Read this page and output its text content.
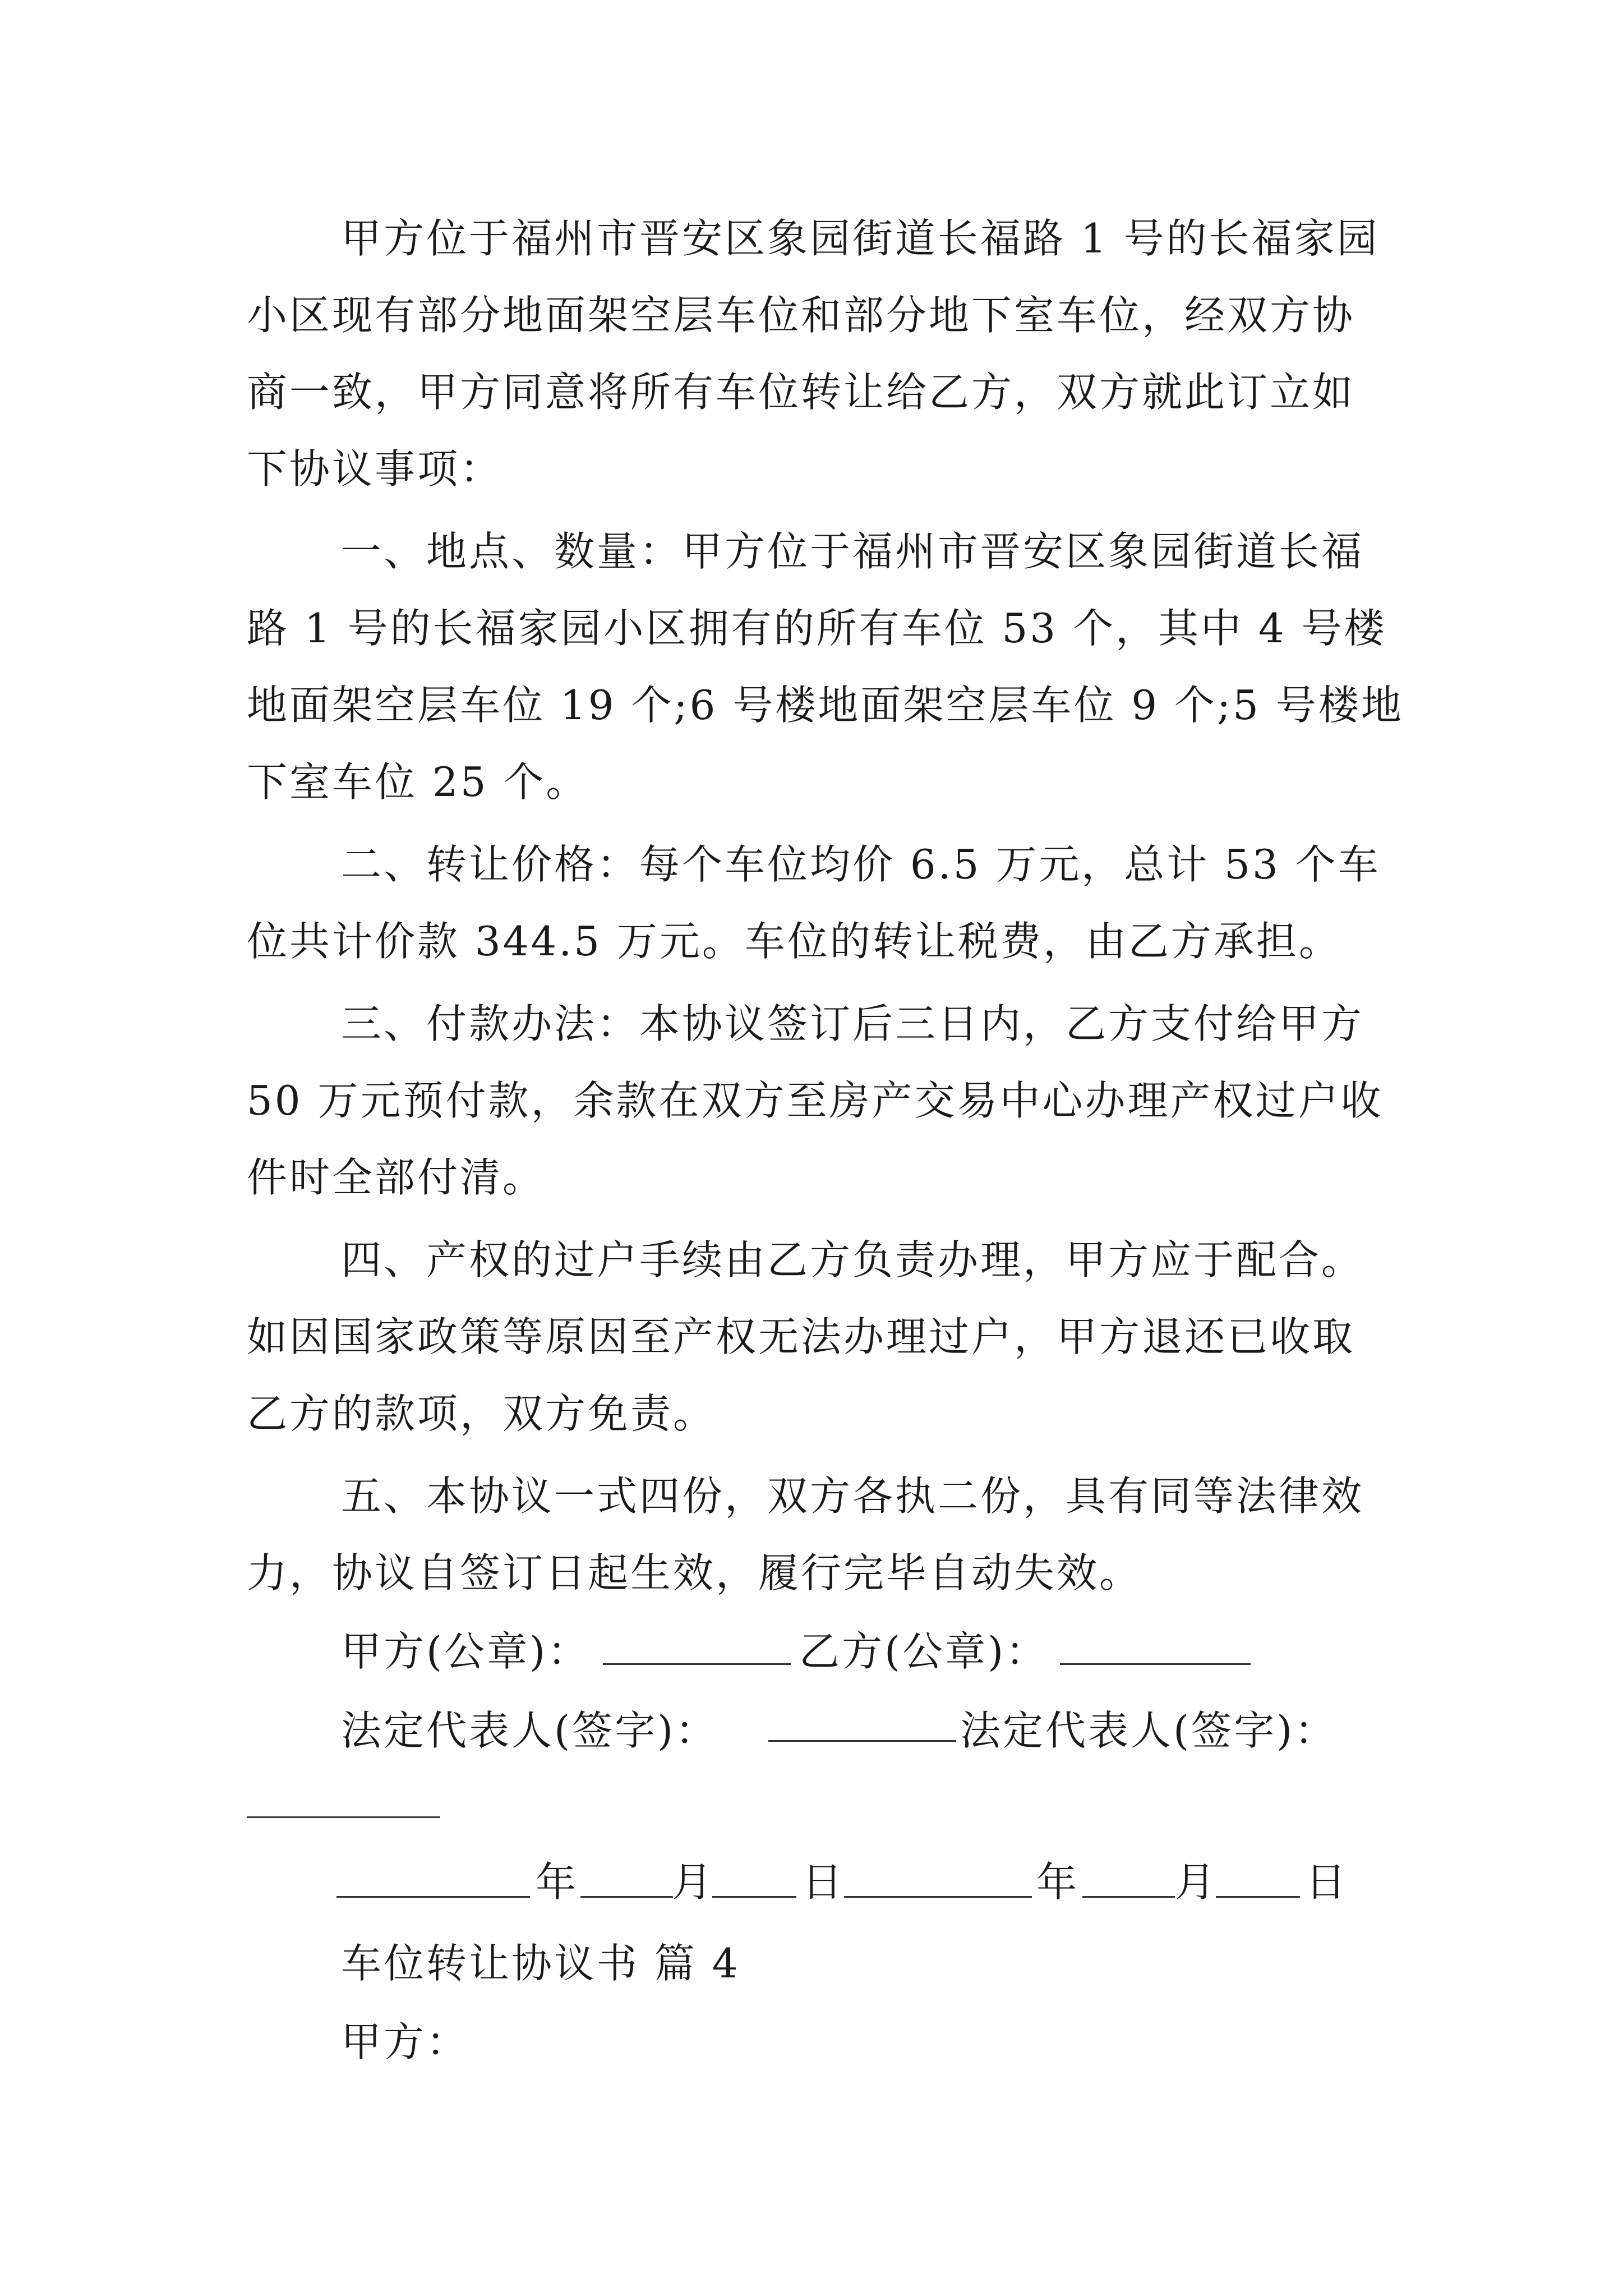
甲方位于福州市晋安区象园街道长福路 1 号的长福家园
小区现有部分地面架空层车位和部分地下室车位，经双方协
商一致，甲方同意将所有车位转让给乙方，双方就此订立如
下协议事项：
一、地点、数量：甲方位于福州市晋安区象园街道长福
路 1 号的长福家园小区拥有的所有车位 53 个，其中 4 号楼
地面架空层车位 19 个;6 号楼地面架空层车位 9 个;5 号楼地
下室车位 25 个。
二、转让价格：每个车位均价 6.5 万元，总计 53 个车
位共计价款 344.5 万元。车位的转让税费，由乙方承担。
三、付款办法：本协议签订后三日内，乙方支付给甲方
50 万元预付款，余款在双方至房产交易中心办理产权过户收
件时全部付清。
四、产权的过户手续由乙方负责办理，甲方应于配合。
如因国家政策等原因至产权无法办理过户，甲方退还已收取
乙方的款项，双方免责。
五、本协议一式四份，双方各执二份，具有同等法律效
力，协议自签订日起生效，履行完毕自动失效。
甲方(公章)：	乙方(公章)：
法定代表人(签字)：	法定代表人(签字)：
年	月	日	年	月	日
车位转让协议书 篇 4
甲方：
